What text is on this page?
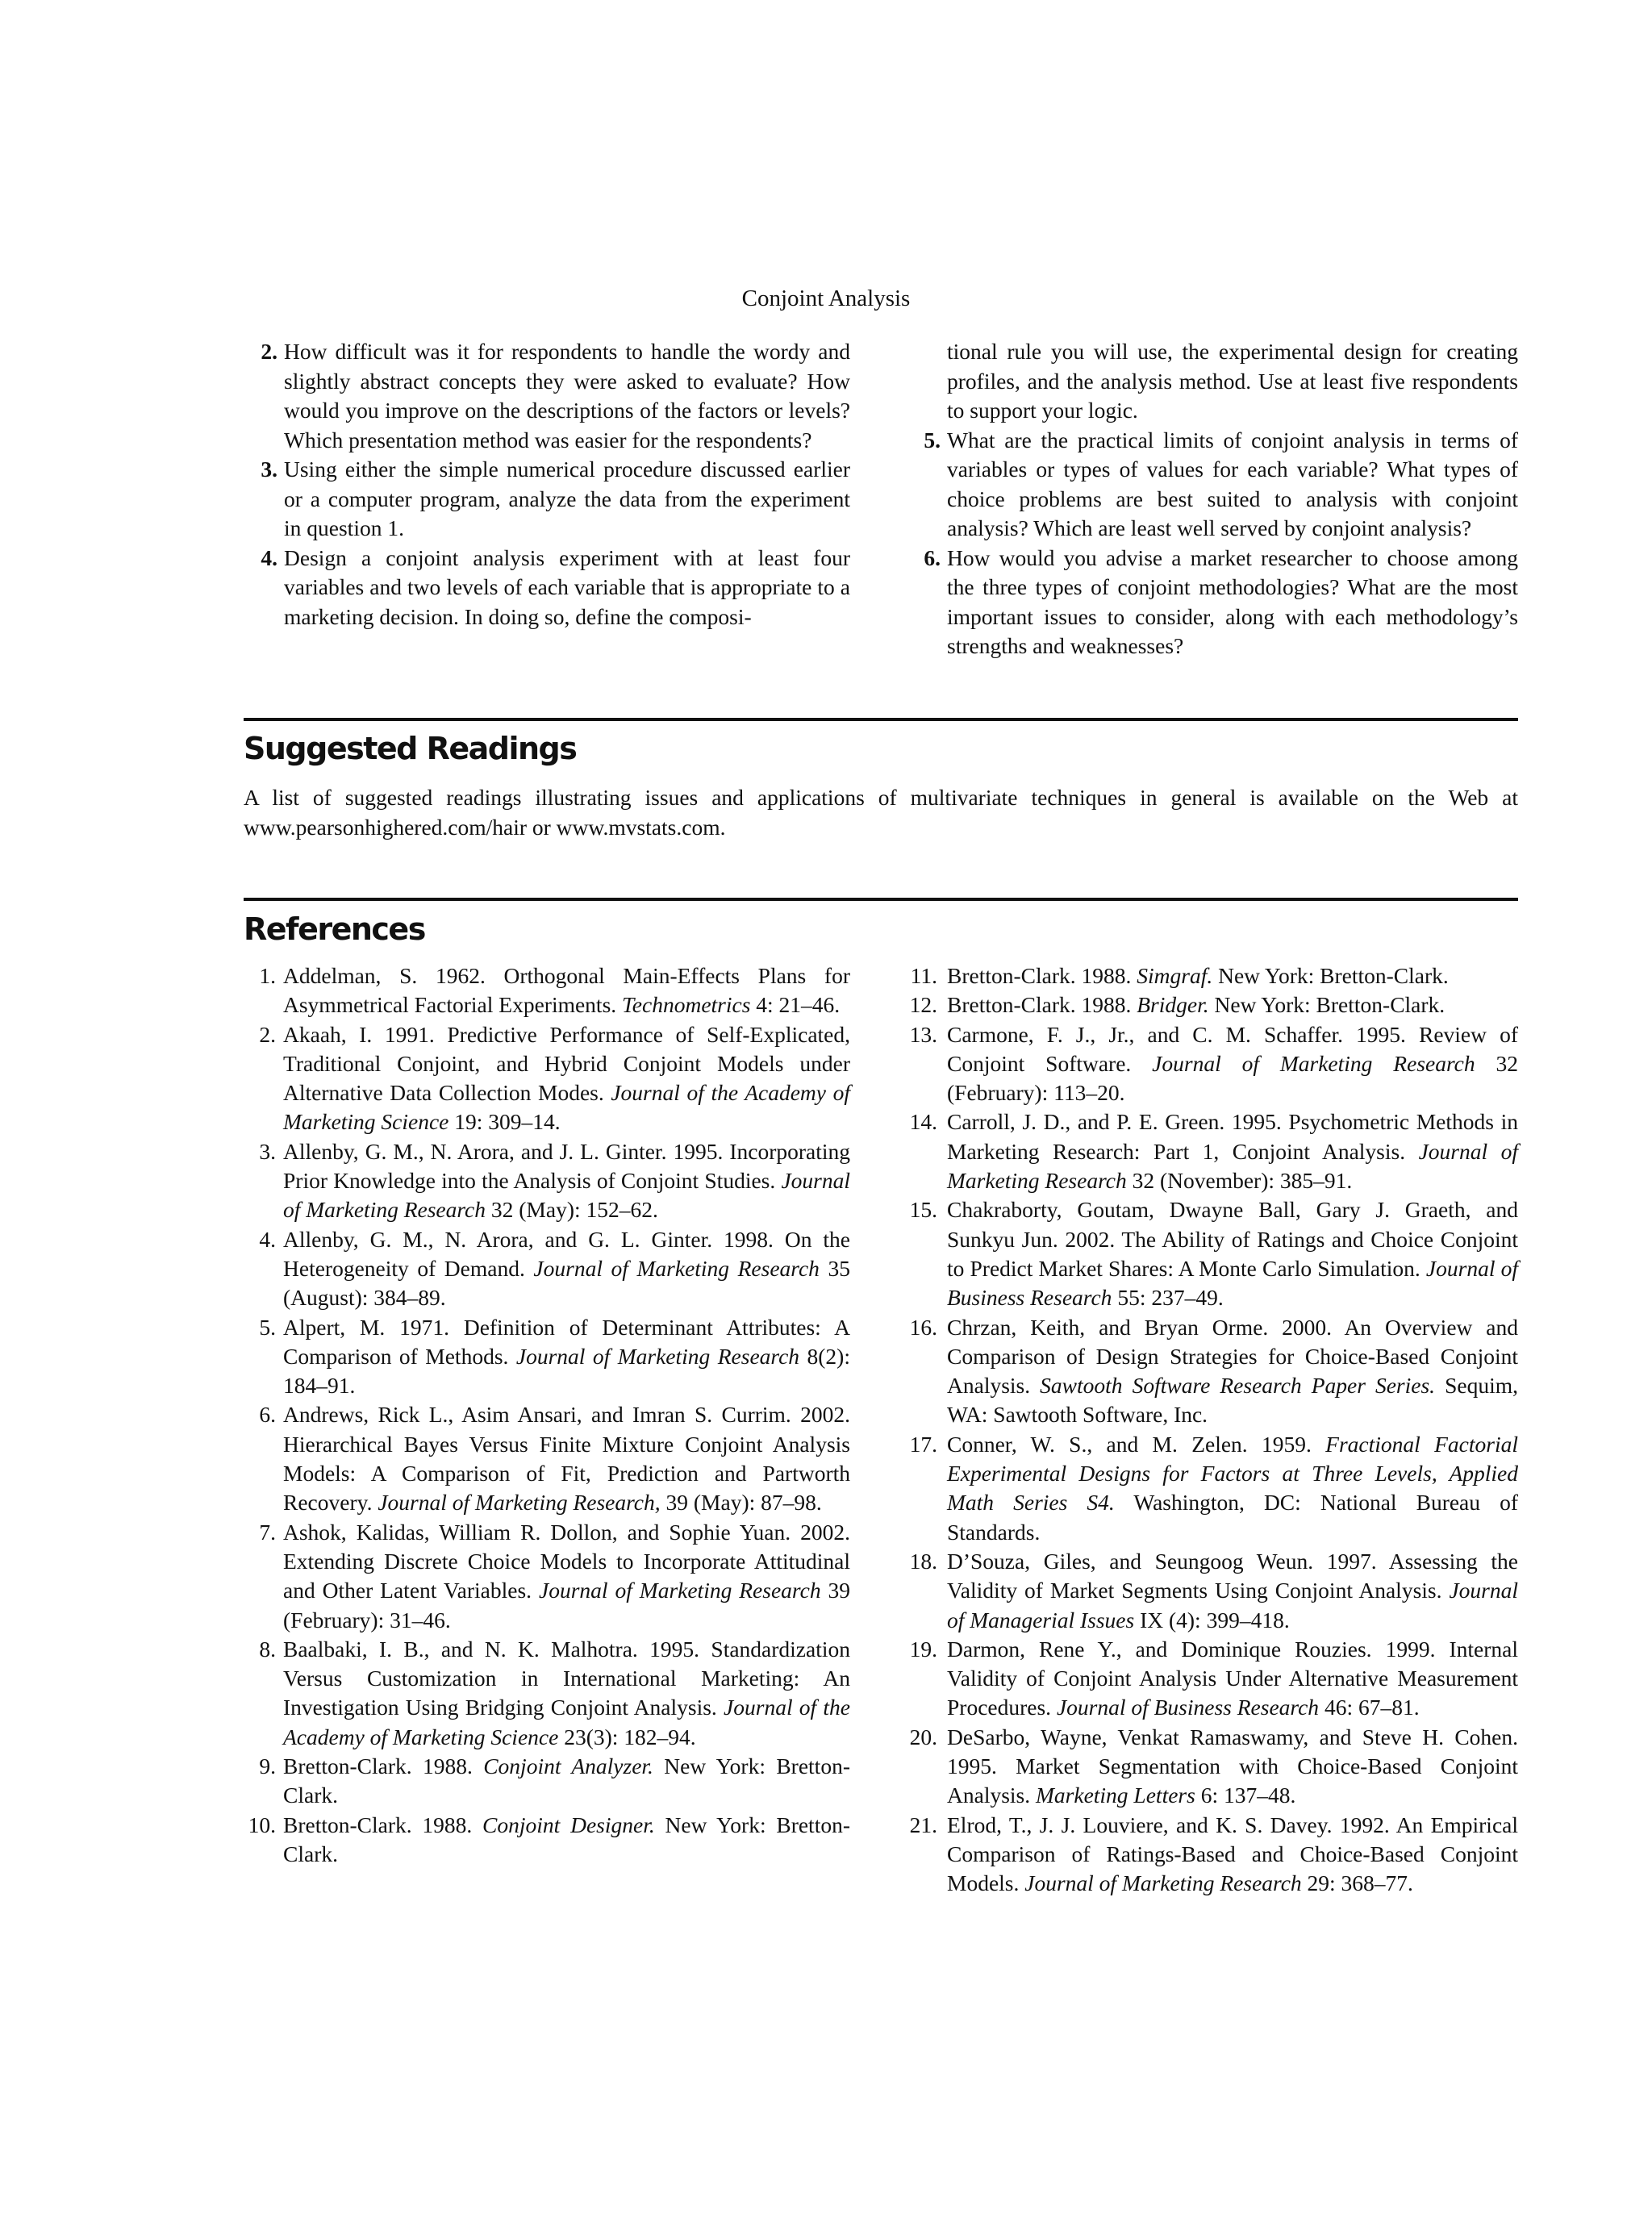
Conjoint Analysis
2. How difficult was it for respondents to handle the wordy and slightly abstract concepts they were asked to evaluate? How would you improve on the descriptions of the factors or levels? Which presentation method was easier for the respondents?
3. Using either the simple numerical procedure discussed earlier or a computer program, analyze the data from the experiment in question 1.
4. Design a conjoint analysis experiment with at least four variables and two levels of each variable that is appropriate to a marketing decision. In doing so, define the composi-
tional rule you will use, the experimental design for creating profiles, and the analysis method. Use at least five respondents to support your logic.
5. What are the practical limits of conjoint analysis in terms of variables or types of values for each variable? What types of choice problems are best suited to analysis with conjoint analysis? Which are least well served by conjoint analysis?
6. How would you advise a market researcher to choose among the three types of conjoint methodologies? What are the most important issues to consider, along with each methodology’s strengths and weaknesses?
Suggested Readings
A list of suggested readings illustrating issues and applications of multivariate techniques in general is available on the Web at www.pearsonhighered.com/hair or www.mvstats.com.
References
1. Addelman, S. 1962. Orthogonal Main-Effects Plans for Asymmetrical Factorial Experiments. Technometrics 4: 21–46.
2. Akaah, I. 1991. Predictive Performance of Self-Explicated, Traditional Conjoint, and Hybrid Conjoint Models under Alternative Data Collection Modes. Journal of the Academy of Marketing Science 19: 309–14.
3. Allenby, G. M., N. Arora, and J. L. Ginter. 1995. Incorporating Prior Knowledge into the Analysis of Conjoint Studies. Journal of Marketing Research 32 (May): 152–62.
4. Allenby, G. M., N. Arora, and G. L. Ginter. 1998. On the Heterogeneity of Demand. Journal of Marketing Research 35 (August): 384–89.
5. Alpert, M. 1971. Definition of Determinant Attributes: A Comparison of Methods. Journal of Marketing Research 8(2): 184–91.
6. Andrews, Rick L., Asim Ansari, and Imran S. Currim. 2002. Hierarchical Bayes Versus Finite Mixture Conjoint Analysis Models: A Comparison of Fit, Prediction and Partworth Recovery. Journal of Marketing Research, 39 (May): 87–98.
7. Ashok, Kalidas, William R. Dollon, and Sophie Yuan. 2002. Extending Discrete Choice Models to Incorporate Attitudinal and Other Latent Variables. Journal of Marketing Research 39 (February): 31–46.
8. Baalbaki, I. B., and N. K. Malhotra. 1995. Standardization Versus Customization in International Marketing: An Investigation Using Bridging Conjoint Analysis. Journal of the Academy of Marketing Science 23(3): 182–94.
9. Bretton-Clark. 1988. Conjoint Analyzer. New York: Bretton-Clark.
10. Bretton-Clark. 1988. Conjoint Designer. New York: Bretton-Clark.
11. Bretton-Clark. 1988. Simgraf. New York: Bretton-Clark.
12. Bretton-Clark. 1988. Bridger. New York: Bretton-Clark.
13. Carmone, F. J., Jr., and C. M. Schaffer. 1995. Review of Conjoint Software. Journal of Marketing Research 32 (February): 113–20.
14. Carroll, J. D., and P. E. Green. 1995. Psychometric Methods in Marketing Research: Part 1, Conjoint Analysis. Journal of Marketing Research 32 (November): 385–91.
15. Chakraborty, Goutam, Dwayne Ball, Gary J. Graeth, and Sunkyu Jun. 2002. The Ability of Ratings and Choice Conjoint to Predict Market Shares: A Monte Carlo Simulation. Journal of Business Research 55: 237–49.
16. Chrzan, Keith, and Bryan Orme. 2000. An Overview and Comparison of Design Strategies for Choice-Based Conjoint Analysis. Sawtooth Software Research Paper Series. Sequim, WA: Sawtooth Software, Inc.
17. Conner, W. S., and M. Zelen. 1959. Fractional Factorial Experimental Designs for Factors at Three Levels, Applied Math Series S4. Washington, DC: National Bureau of Standards.
18. D’Souza, Giles, and Seungoog Weun. 1997. Assessing the Validity of Market Segments Using Conjoint Analysis. Journal of Managerial Issues IX (4): 399–418.
19. Darmon, Rene Y., and Dominique Rouzies. 1999. Internal Validity of Conjoint Analysis Under Alternative Measurement Procedures. Journal of Business Research 46: 67–81.
20. DeSarbo, Wayne, Venkat Ramaswamy, and Steve H. Cohen. 1995. Market Segmentation with Choice-Based Conjoint Analysis. Marketing Letters 6: 137–48.
21. Elrod, T., J. J. Louviere, and K. S. Davey. 1992. An Empirical Comparison of Ratings-Based and Choice-Based Conjoint Models. Journal of Marketing Research 29: 368–77.
